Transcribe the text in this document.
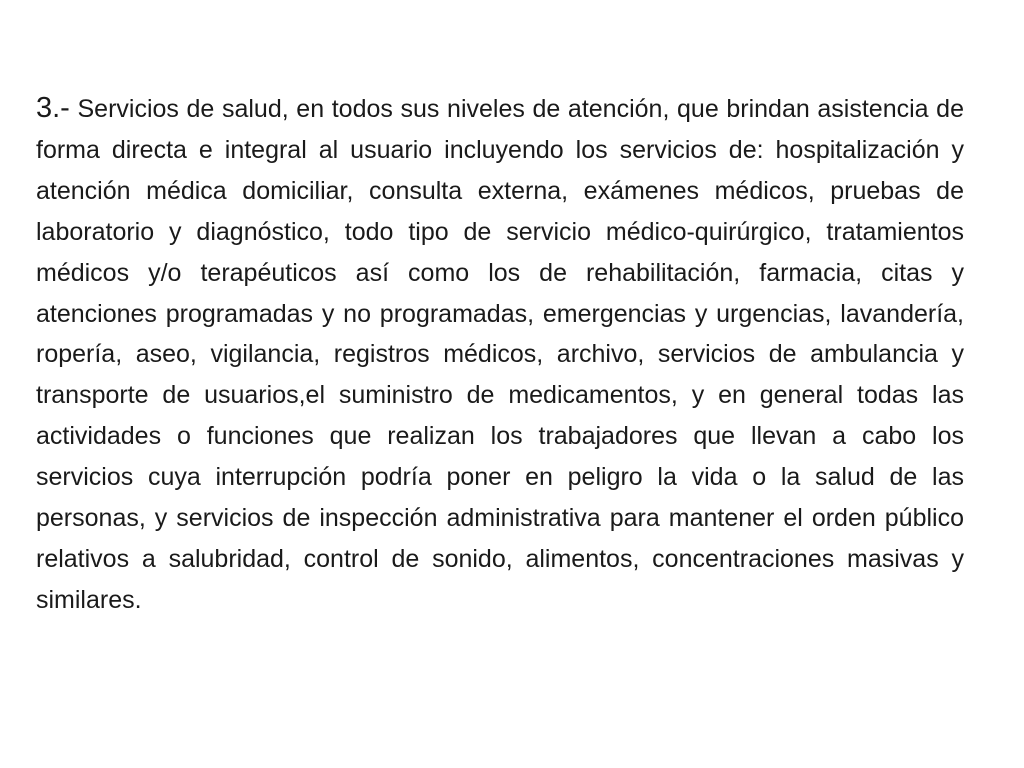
3.- Servicios de salud, en todos sus niveles de atención, que brindan asistencia de forma directa e integral al usuario incluyendo los servicios de: hospitalización y atención médica domiciliar, consulta externa, exámenes médicos, pruebas de laboratorio y diagnóstico, todo tipo de servicio médico-quirúrgico, tratamientos médicos y/o terapéuticos así como los de rehabilitación, farmacia, citas y atenciones programadas y no programadas, emergencias y urgencias, lavandería, ropería, aseo, vigilancia, registros médicos, archivo, servicios de ambulancia y transporte de usuarios,el suministro de medicamentos, y en general todas las actividades o funciones que realizan los trabajadores que llevan a cabo los servicios cuya interrupción podría poner en peligro la vida o la salud de las personas, y servicios de inspección administrativa para mantener el orden público relativos a salubridad, control de sonido, alimentos, concentraciones masivas y similares.
